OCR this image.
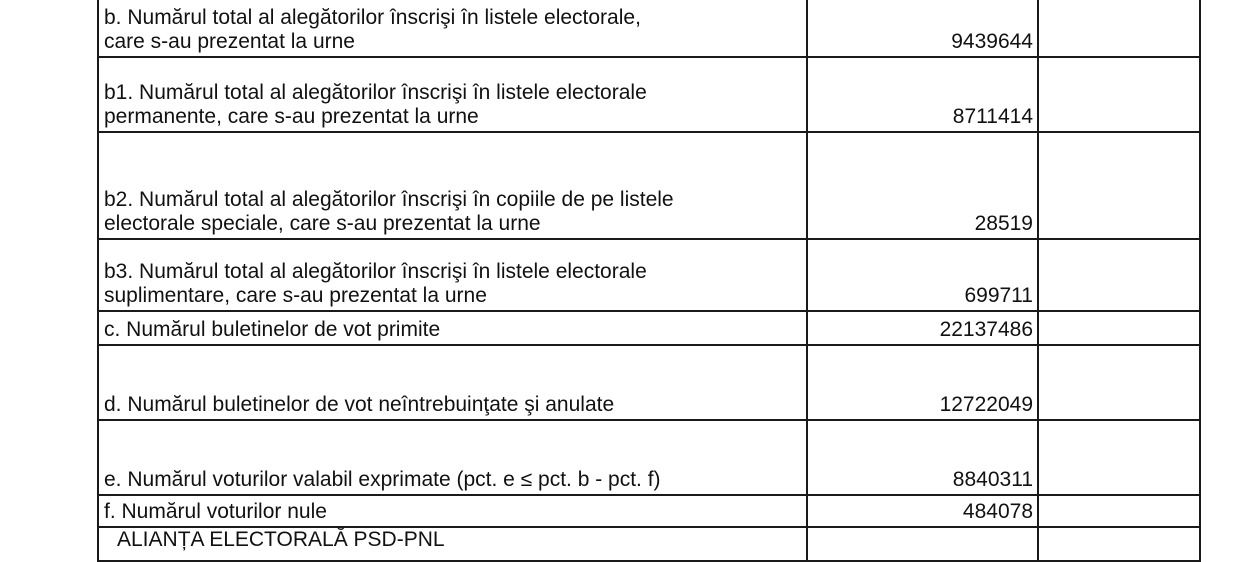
b. Numărul total al alegătorilor înscrişi în listele electorale,
care s-au prezentat la urne	9439644	
b1. Numărul total al alegătorilor înscrişi în listele electorale
permanente, care s-au prezentat la urne	8711414	
b2. Numărul total al alegătorilor înscrişi în copiile de pe listele
electorale speciale, care s-au prezentat la urne	28519	
b3. Numărul total al alegătorilor înscrişi în listele electorale
suplimentare, care s-au prezentat la urne	699711	
c. Numărul buletinelor de vot primite	22137486	
d. Numărul buletinelor de vot neîntrebuinţate şi anulate	12722049	
e. Numărul voturilor valabil exprimate (pct. e ≤ pct. b - pct. f)	8840311	
f. Numărul voturilor nule	484078	
ALIANȚA ELECTORALĂ PSD-PNL		
